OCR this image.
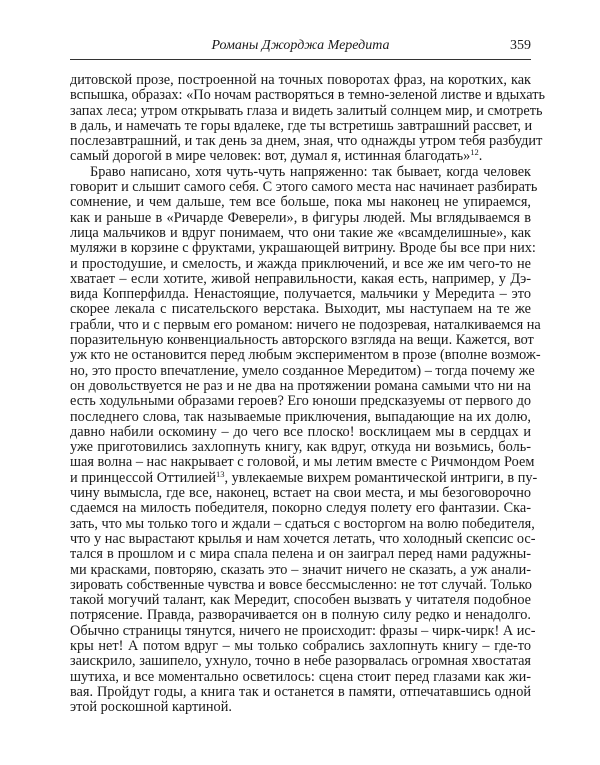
Романы Джорджа Мередита	359
дитовской прозе, построенной на точных поворотах фраз, на коротких, как
вспышка, образах: «По ночам растворяться в темно-зеленой листве и вдыхать
запах леса; утром открывать глаза и видеть залитый солнцем мир, и смотреть
в даль, и намечать те горы вдалеке, где ты встретишь завтрашний рассвет, и
послезавтрашний, и так день за днем, зная, что однажды утром тебя разбудит
самый дорогой в мире человек: вот, думал я, истинная благодать»$^{12}$.
Браво написано, хотя чуть-чуть напряженно: так бывает, когда человек
говорит и слышит самого себя. С этого самого места нас начинает разбирать
сомнение, и чем дальше, тем все больше, пока мы наконец не упираемся,
как и раньше в «Ричарде Феверели», в фигуры людей. Мы вглядываемся в
лица мальчиков и вдруг понимаем, что они такие же «всамделишные», как
муляжи в корзине с фруктами, украшающей витрину. Вроде бы все при них:
и простодушие, и смелость, и жажда приключений, и все же им чего-то не
хватает – если хотите, живой неправильности, какая есть, например, у Дэ-
вида Копперфилда. Ненастоящие, получается, мальчики у Мередита – это
скорее лекала с писательского верстака. Выходит, мы наступаем на те же
грабли, что и с первым его романом: ничего не подозревая, наталкиваемся на
поразительную конвенциальность авторского взгляда на вещи. Кажется, вот
уж кто не остановится перед любым экспериментом в прозе (вполне возмож-
но, это просто впечатление, умело созданное Мередитом) – тогда почему же
он довольствуется не раз и не два на протяжении романа самыми что ни на
есть ходульными образами героев? Его юноши предсказуемы от первого до
последнего слова, так называемые приключения, выпадающие на их долю,
давно набили оскомину – до чего все плоско! восклицаем мы в сердцах и
уже приготовились захлопнуть книгу, как вдруг, откуда ни возьмись, боль-
шая волна – нас накрывает с головой, и мы летим вместе с Ричмондом Роем
и принцессой Оттилией$^{13}$, увлекаемые вихрем романтической интриги, в пу-
чину вымысла, где все, наконец, встает на свои места, и мы безоговорочно
сдаемся на милость победителя, покорно следуя полету его фантазии. Ска-
зать, что мы только того и ждали – сдаться с восторгом на волю победителя,
что у нас вырастают крылья и нам хочется летать, что холодный скепсис ос-
тался в прошлом и с мира спала пелена и он заиграл перед нами радужны-
ми красками, повторяю, сказать это – значит ничего не сказать, а уж анали-
зировать собственные чувства и вовсе бессмысленно: не тот случай. Только
такой могучий талант, как Мередит, способен вызвать у читателя подобное
потрясение. Правда, разворачивается он в полную силу редко и ненадолго.
Обычно страницы тянутся, ничего не происходит: фразы – чирк-чирк! А ис-
кры нет! А потом вдруг – мы только собрались захлопнуть книгу – где-то
заискрило, зашипело, ухнуло, точно в небе разорвалась огромная хвостатая
шутиха, и все моментально осветилось: сцена стоит перед глазами как жи-
вая. Пройдут годы, а книга так и останется в памяти, отпечатавшись одной
этой роскошной картиной.
